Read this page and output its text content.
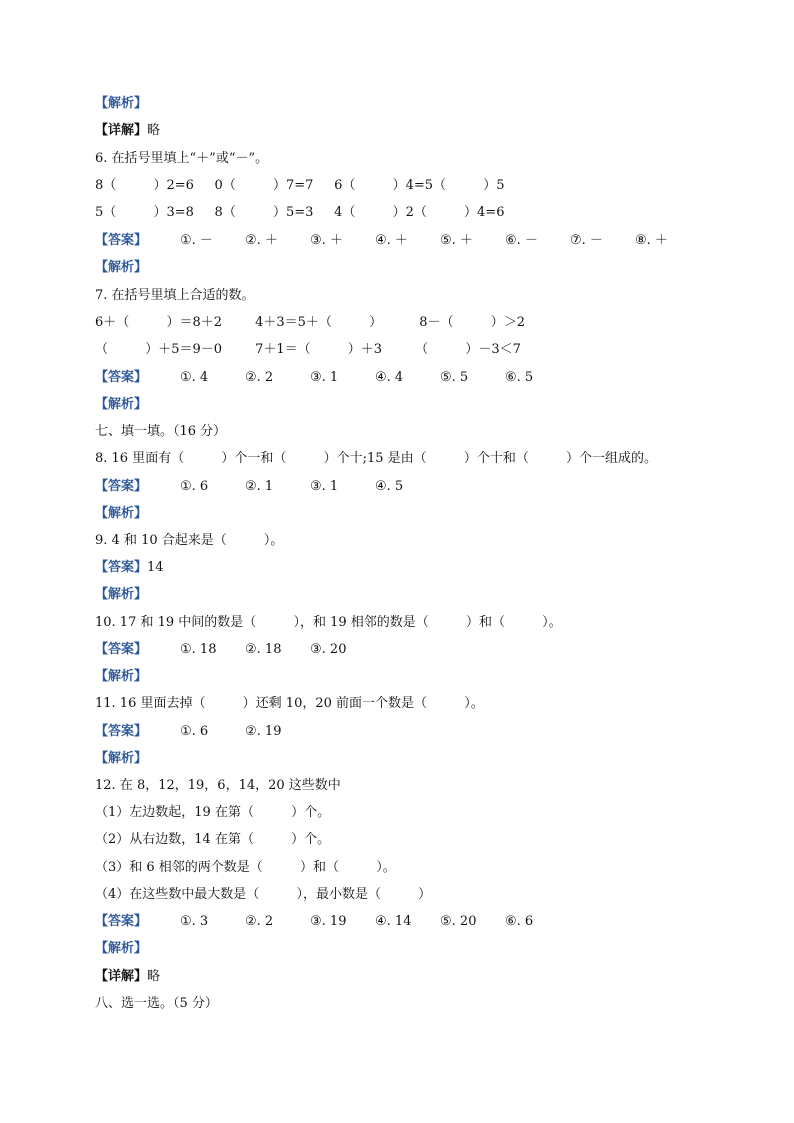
【解析】
【详解】略
6. 在括号里填上“＋”或“－”。
8（         ）2=6     0（         ）7=7     6（         ）4=5（         ）5
5（         ）3=8     8（         ）5=3     4（         ）2（         ）4=6
【答案】	①. － ②. ＋ ③. ＋ ④. ＋ ⑤. ＋ ⑥. － ⑦. － ⑧. ＋
【解析】
7. 在括号里填上合适的数。
6＋（         ）＝8＋2        4＋3＝5＋（         ）         8－（         ）＞2
（         ）＋5＝9－0        7＋1＝（         ）＋3        （         ）－3＜7
【答案】	①. 4	②. 2	③. 1	④. 4	⑤. 5	⑥. 5
【解析】
七、填一填。（16 分）
8. 16 里面有（         ）个一和（         ）个十;15 是由（         ）个十和（         ）个一组成的。
【答案】	①. 6	②. 1	③. 1	④. 5
【解析】
9. 4 和 10 合起来是（         ）。
【答案】14
【解析】
10. 17 和 19 中间的数是（         ），和 19 相邻的数是（         ）和（         ）。
【答案】	①. 18 ②. 18 ③. 20
【解析】
11. 16 里面去掉（         ）还剩 10，20 前面一个数是（         ）。
【答案】	①. 6	②. 19
【解析】
12. 在 8，12，19，6，14，20 这些数中
（1）左边数起，19 在第（         ）个。
（2）从右边数，14 在第（         ）个。
（3）和 6 相邻的两个数是（         ）和（         ）。
（4）在这些数中最大数是（         ），最小数是（         ）
【答案】	①. 3	②. 2	③. 19 ④. 14 ⑤. 20 ⑥. 6
【解析】
【详解】略
八、选一选。（5 分）
